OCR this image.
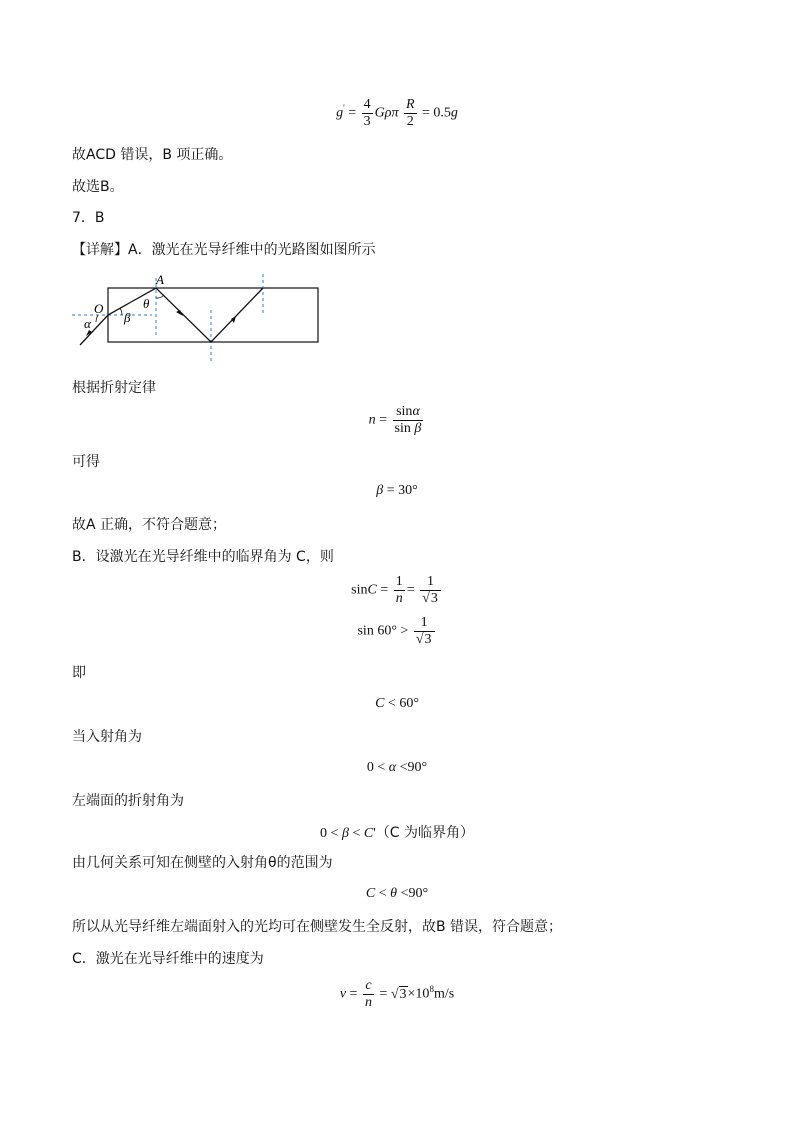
$g' = \frac{4}{3}$ Gρπ $\frac{R}{2} = 0.5g$
故ACD 错误，B 项正确。
故选B。
7．B
【详解】A．激光在光导纤维中的光路图如图所示
A
O
α	β
θ
根据折射定律
$n = \frac{\sin\alpha}{\text{sin β}}$
可得
β = 30°
故A 正确，不符合题意；
B．设激光在光导纤维中的临界角为 C，则
$\sin C = \frac{1}{n} = \frac{1}{√3}$
$\sin 60^\circ > \frac{1}{√3}$
即
C < 60°
当入射角为
0 < α <90°
左端面的折射角为
0 < β < C'（C 为临界角）
由几何关系可知在侧壁的入射角θ的范围为
C < θ <90°
所以从光导纤维左端面射入的光均可在侧壁发生全反射，故B 错误，符合题意；
C．激光在光导纤维中的速度为
$v = \frac{c}{n} = √3\times 10^8m/s$
